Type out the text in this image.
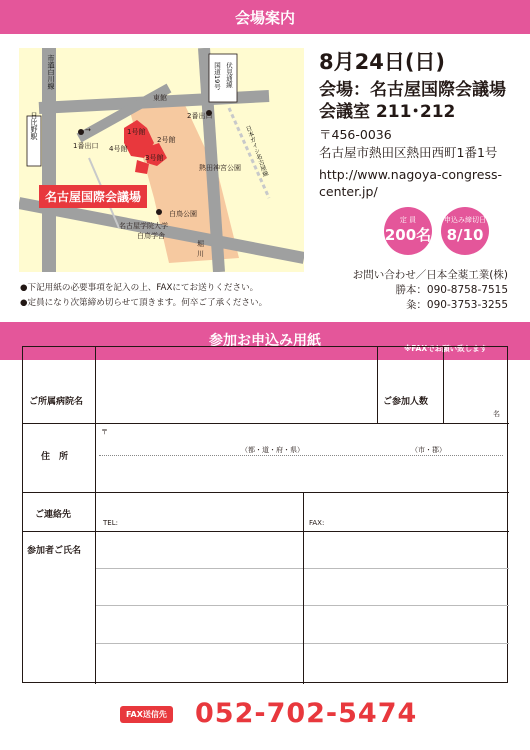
会場案内
1番出口
→
2番出口
東館
熱田神宮公園
白鳥公園
名古屋学院大学
白鳥学舎
堀
川
1号館
4号館
2号館
3号館
日比野駅
市道白川線	国道19号 伏見通線
日本ガイシ名古屋線
名古屋国際会議場
8月24日(日)
会場：名古屋国際会議場
会議室 211･212
〒456-0036
名古屋市熱田区熱田西町1番1号
http://www.nagoya-congress-
center.jp/
定 員
200名
申込み締切日
8/10
●下記用紙の必要事項を記入の上、FAXにてお送りください。
●定員になり次第締め切らせて頂きます。何卒ご了承ください。
お問い合わせ／日本全薬工業(株)
勝本：090-8758-7515
粂：090-3753-3255
参加お申込み用紙	※FAXでお願い致します
ご所属病院名	ご参加人数
名
住　所
〒
（都・道・府・県）	（市・郡）
ご連絡先
TEL:	FAX:
参加者ご氏名
FAX送信先 052-702-5474
